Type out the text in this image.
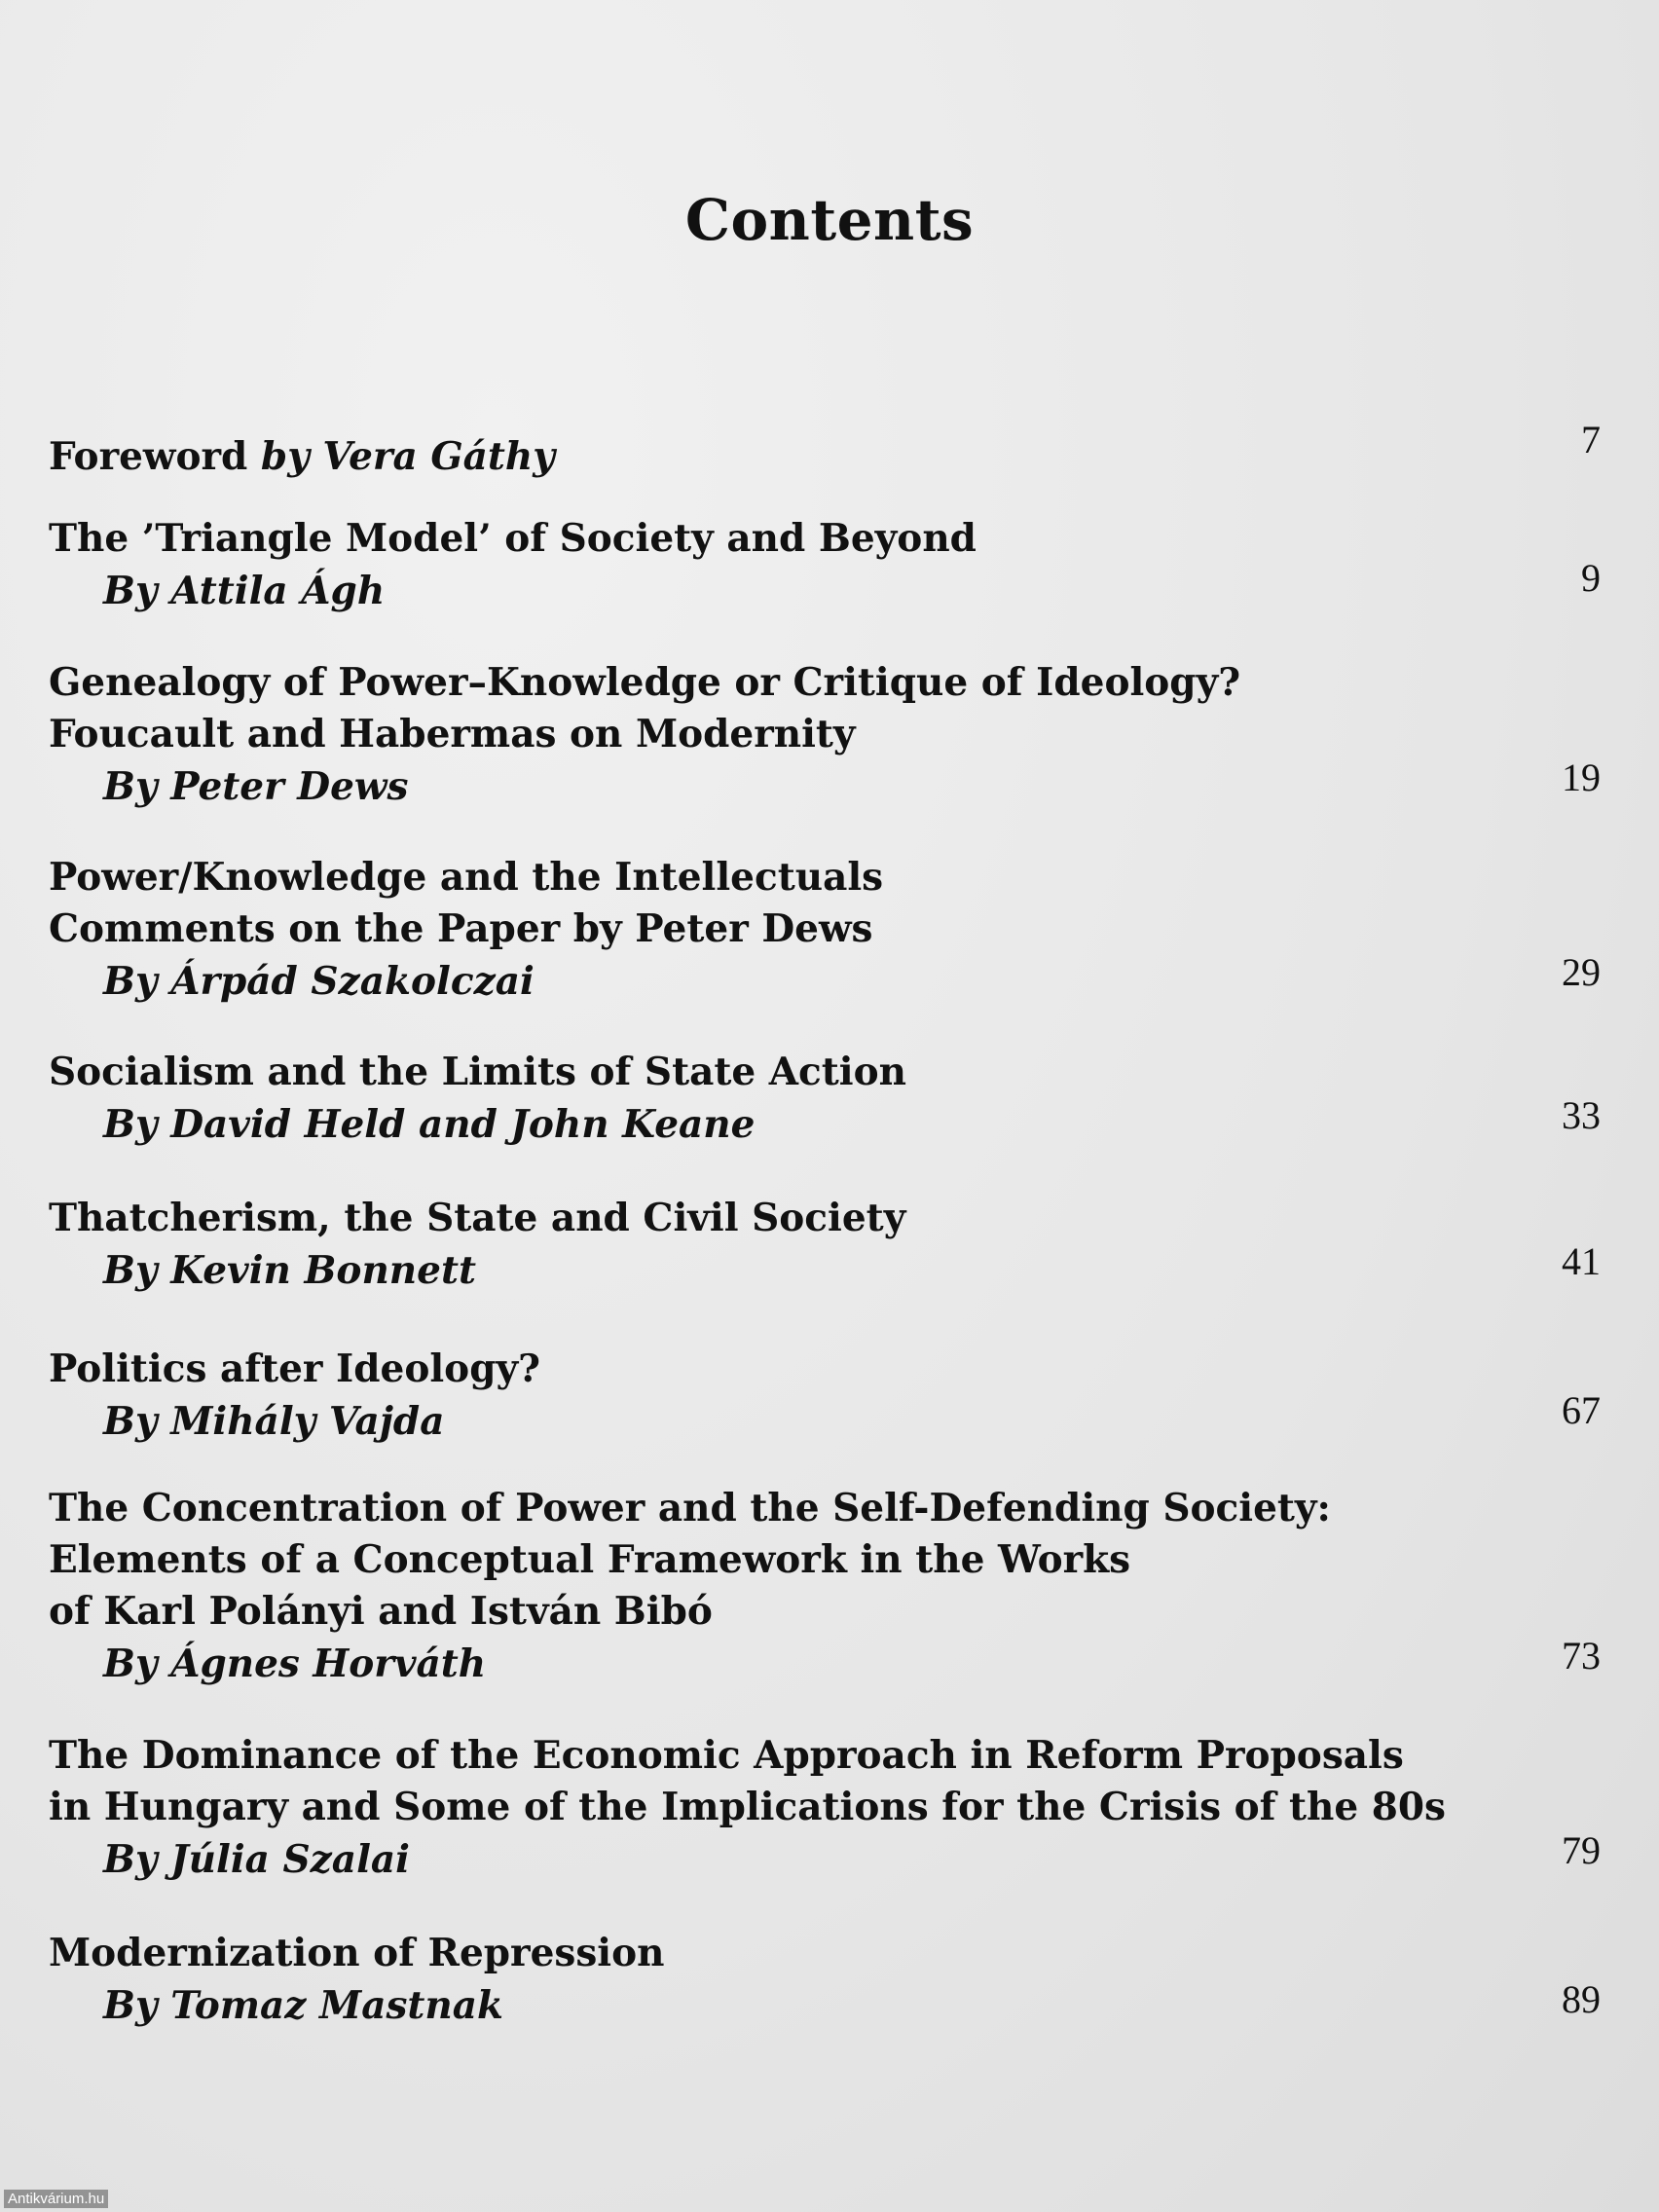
Contents
Foreword by Vera Gáthy	7
The ’Triangle Model’ of Society and Beyond
By Attila Ágh	9
Genealogy of Power–Knowledge or Critique of Ideology?
Foucault and Habermas on Modernity
By Peter Dews	19
Power/Knowledge and the Intellectuals
Comments on the Paper by Peter Dews
By Árpád Szakolczai	29
Socialism and the Limits of State Action
By David Held and John Keane	33
Thatcherism, the State and Civil Society
By Kevin Bonnett	41
Politics after Ideology?
By Mihály Vajda	67
The Concentration of Power and the Self-Defending Society:
Elements of a Conceptual Framework in the Works
of Karl Polányi and István Bibó
By Ágnes Horváth	73
The Dominance of the Economic Approach in Reform Proposals
in Hungary and Some of the Implications for the Crisis of the 80s
By Júlia Szalai	79
Modernization of Repression
By Tomaz Mastnak	89
Antikvárium.hu
